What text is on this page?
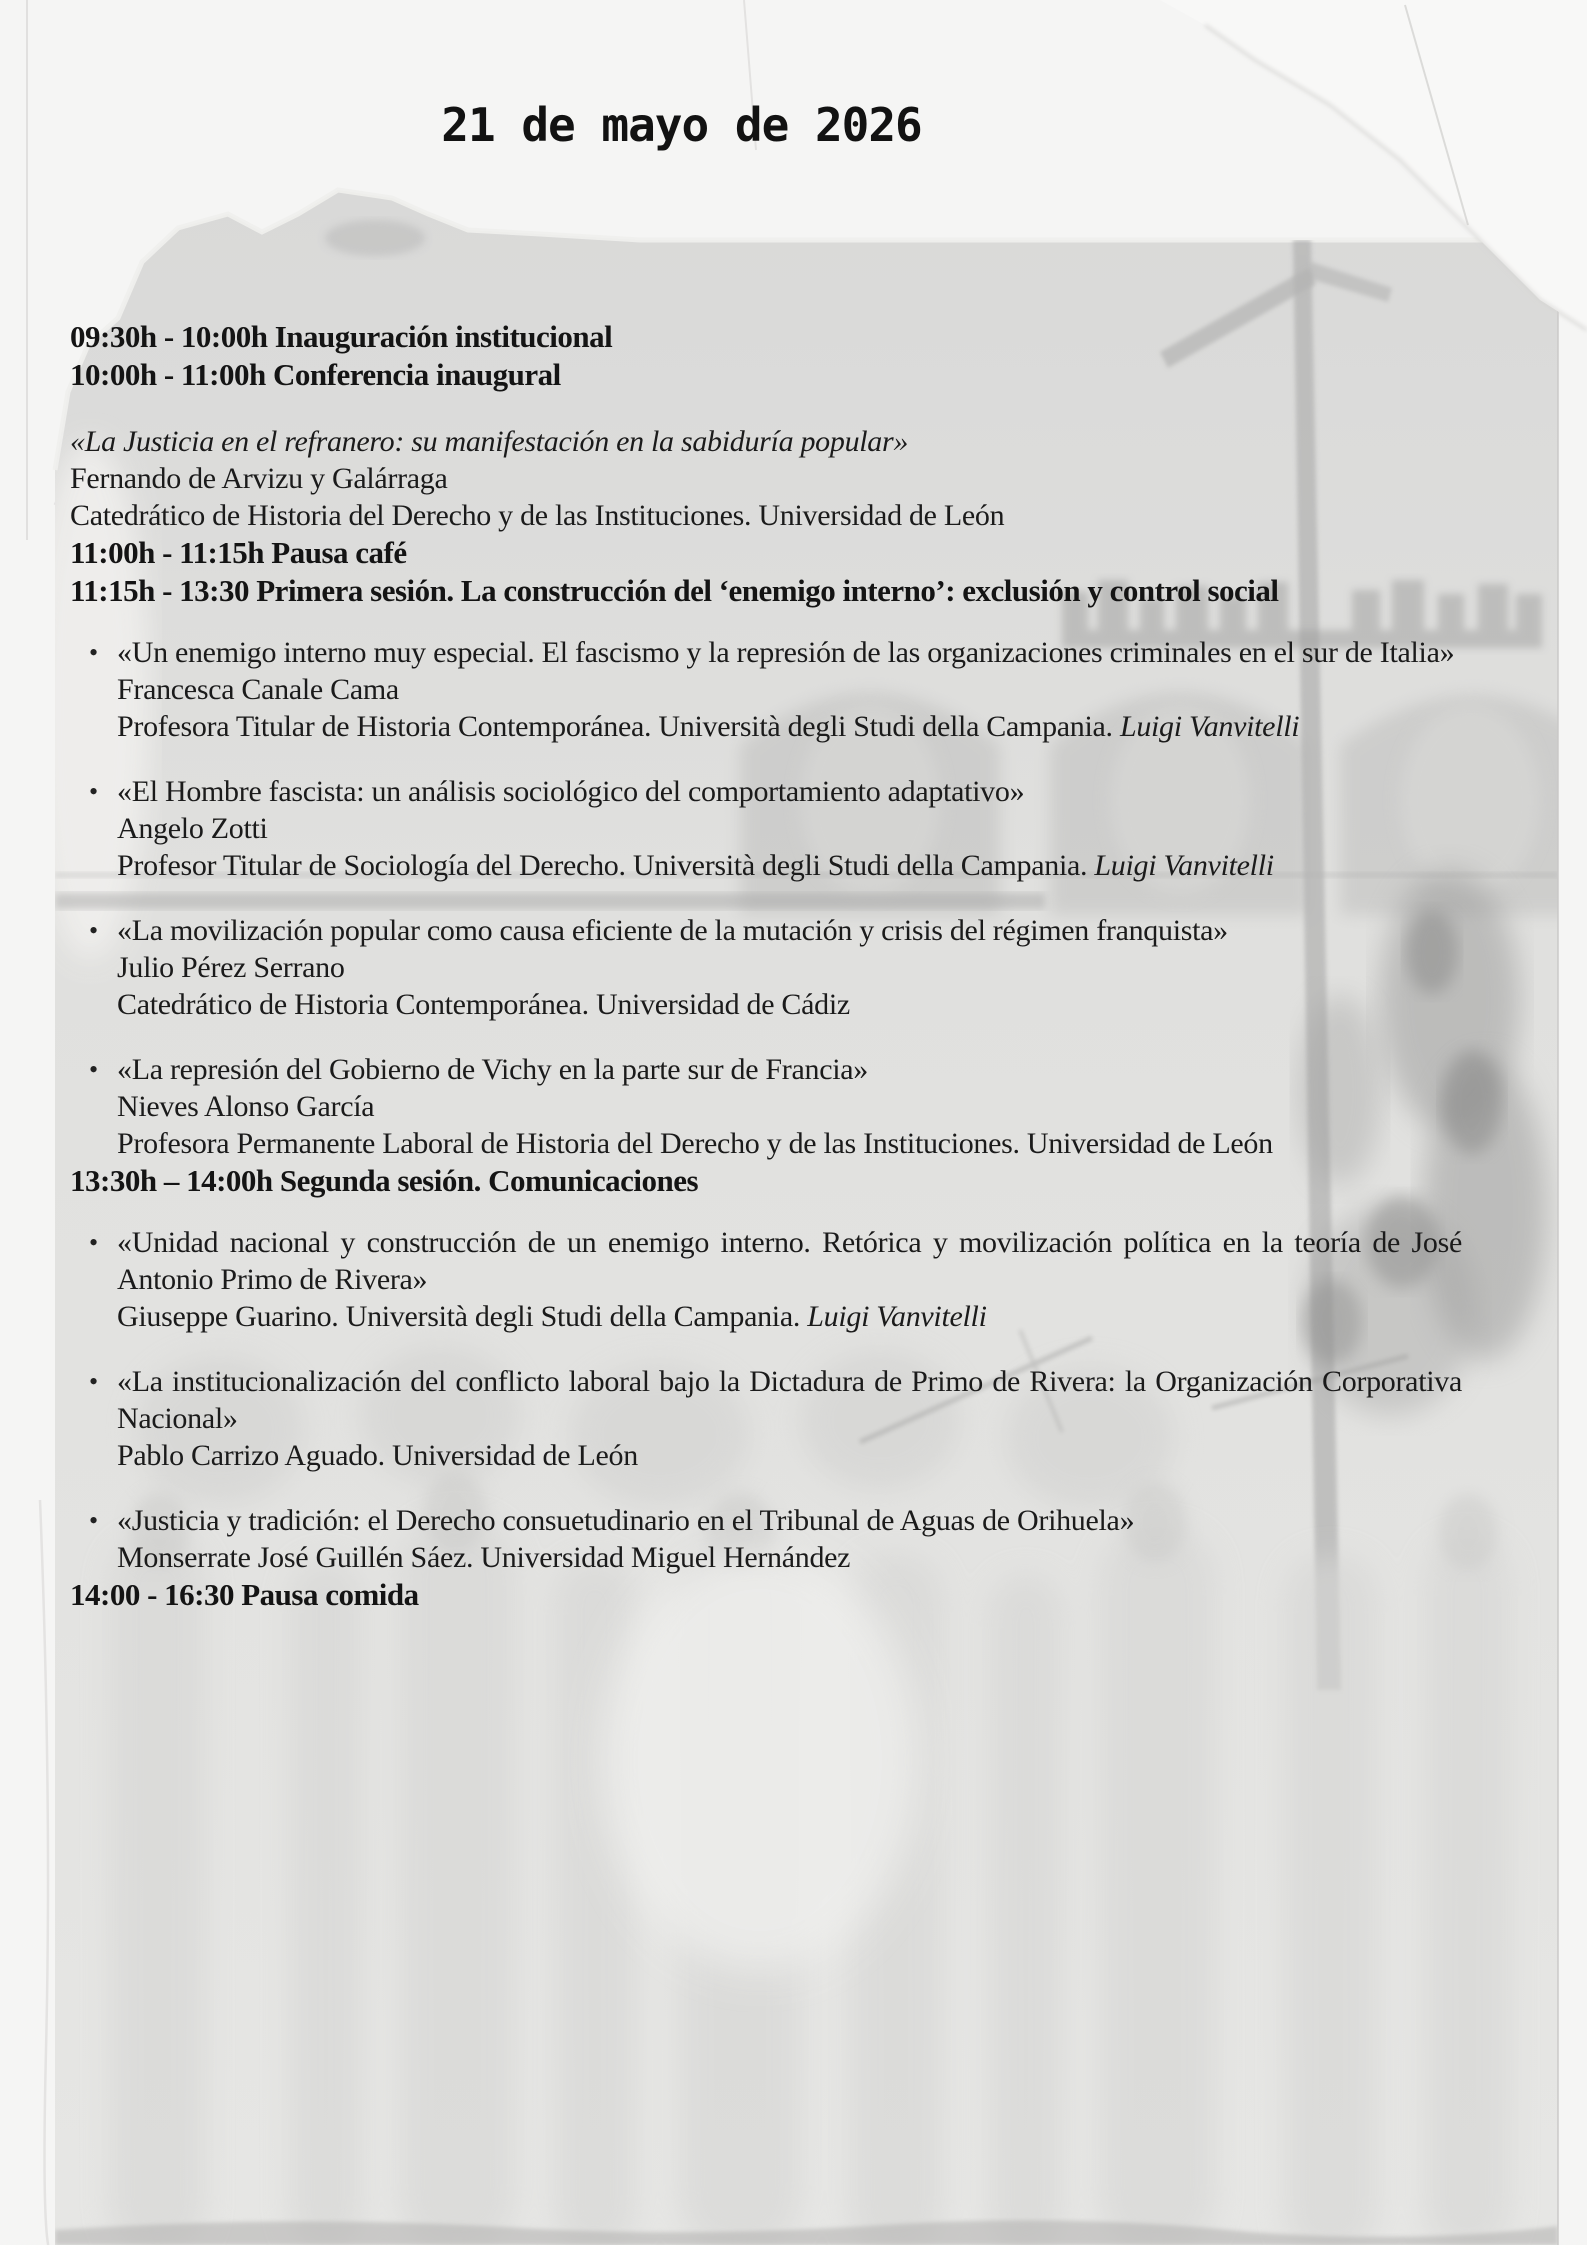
21 de mayo de 2026

09:30h - 10:00h Inauguración institucional

10:00h - 11:00h Conferencia inaugural

«La Justicia en el refranero: su manifestación en la sabiduría popular»

Fernando de Arvizu y Galárraga

Catedrático de Historia del Derecho y de las Instituciones. Universidad de León

11:00h - 11:15h Pausa café

11:15h - 13:30 Primera sesión. La construcción del ‘enemigo interno’: exclusión y control social

• «Un enemigo interno muy especial. El fascismo y la represión de las organizaciones criminales en el sur de Italia»

Francesca Canale Cama

Profesora Titular de Historia Contemporánea. Università degli Studi della Campania. Luigi Vanvitelli

• «El Hombre fascista: un análisis sociológico del comportamiento adaptativo»

Angelo Zotti

Profesor Titular de Sociología del Derecho. Università degli Studi della Campania. Luigi Vanvitelli

• «La movilización popular como causa eficiente de la mutación y crisis del régimen franquista»

Julio Pérez Serrano

Catedrático de Historia Contemporánea. Universidad de Cádiz

• «La represión del Gobierno de Vichy en la parte sur de Francia»

Nieves Alonso García

Profesora Permanente Laboral de Historia del Derecho y de las Instituciones. Universidad de León

13:30h – 14:00h Segunda sesión. Comunicaciones

• «Unidad nacional y construcción de un enemigo interno. Retórica y movilización política en la teoría de José Antonio Primo de Rivera»

Giuseppe Guarino. Università degli Studi della Campania. Luigi Vanvitelli

• «La institucionalización del conflicto laboral bajo la Dictadura de Primo de Rivera: la Organización Corporativa Nacional»

Pablo Carrizo Aguado. Universidad de León

• «Justicia y tradición: el Derecho consuetudinario en el Tribunal de Aguas de Orihuela»

Monserrate José Guillén Sáez. Universidad Miguel Hernández

14:00 - 16:30 Pausa comida
